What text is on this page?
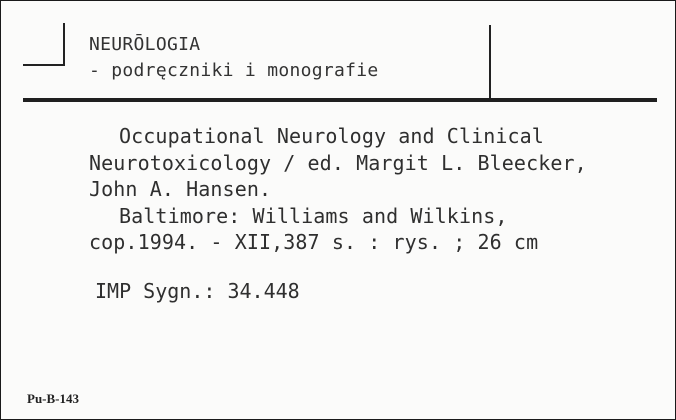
NEURŌLOGIA
- podręczniki i monografie
Occupational Neurology and Clinical
Neurotoxicology / ed. Margit L. Bleecker,
John A. Hansen.
Baltimore: Williams and Wilkins,
cop.1994. - XII,387 s. : rys. ; 26 cm
IMP Sygn.: 34.448
Pu-B-143
